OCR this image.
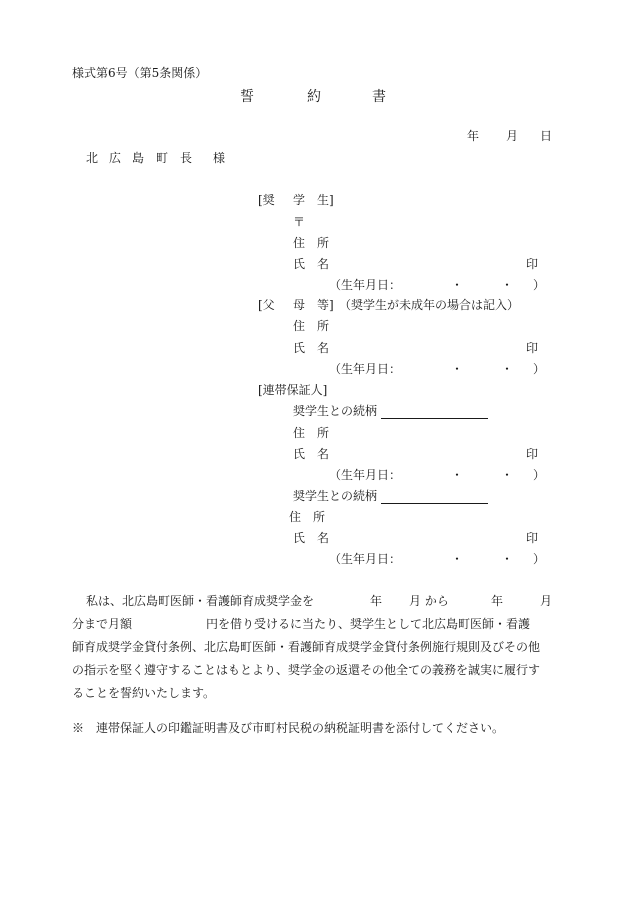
様式第6号（第5条関係）
誓	約	書
年 月 日
北 広 島 町 長 様
[奨 学 生]
〒
住 所
氏 名	印
（生年月日：	・	・ ）
[父 母 等] （奨学生が未成年の場合は記入）
住 所
氏 名	印
（生年月日：	・	・ ）
[連帯保証人]
奨学生との続柄
住 所
氏 名	印
（生年月日：	・	・ ）
奨学生との続柄
住 所
氏 名	印
（生年月日：	・	・ ）
私は、北広島町医師・看護師育成奨学金を	年 月 から	年	月
分まで月額	円を借り受けるに当たり、奨学生として北広島町医師・看護
師育成奨学金貸付条例、北広島町医師・看護師育成奨学金貸付条例施行規則及びその他
の指示を堅く遵守することはもとより、奨学金の返還その他全ての義務を誠実に履行す
ることを誓約いたします。
※　連帯保証人の印鑑証明書及び市町村民税の納税証明書を添付してください。
